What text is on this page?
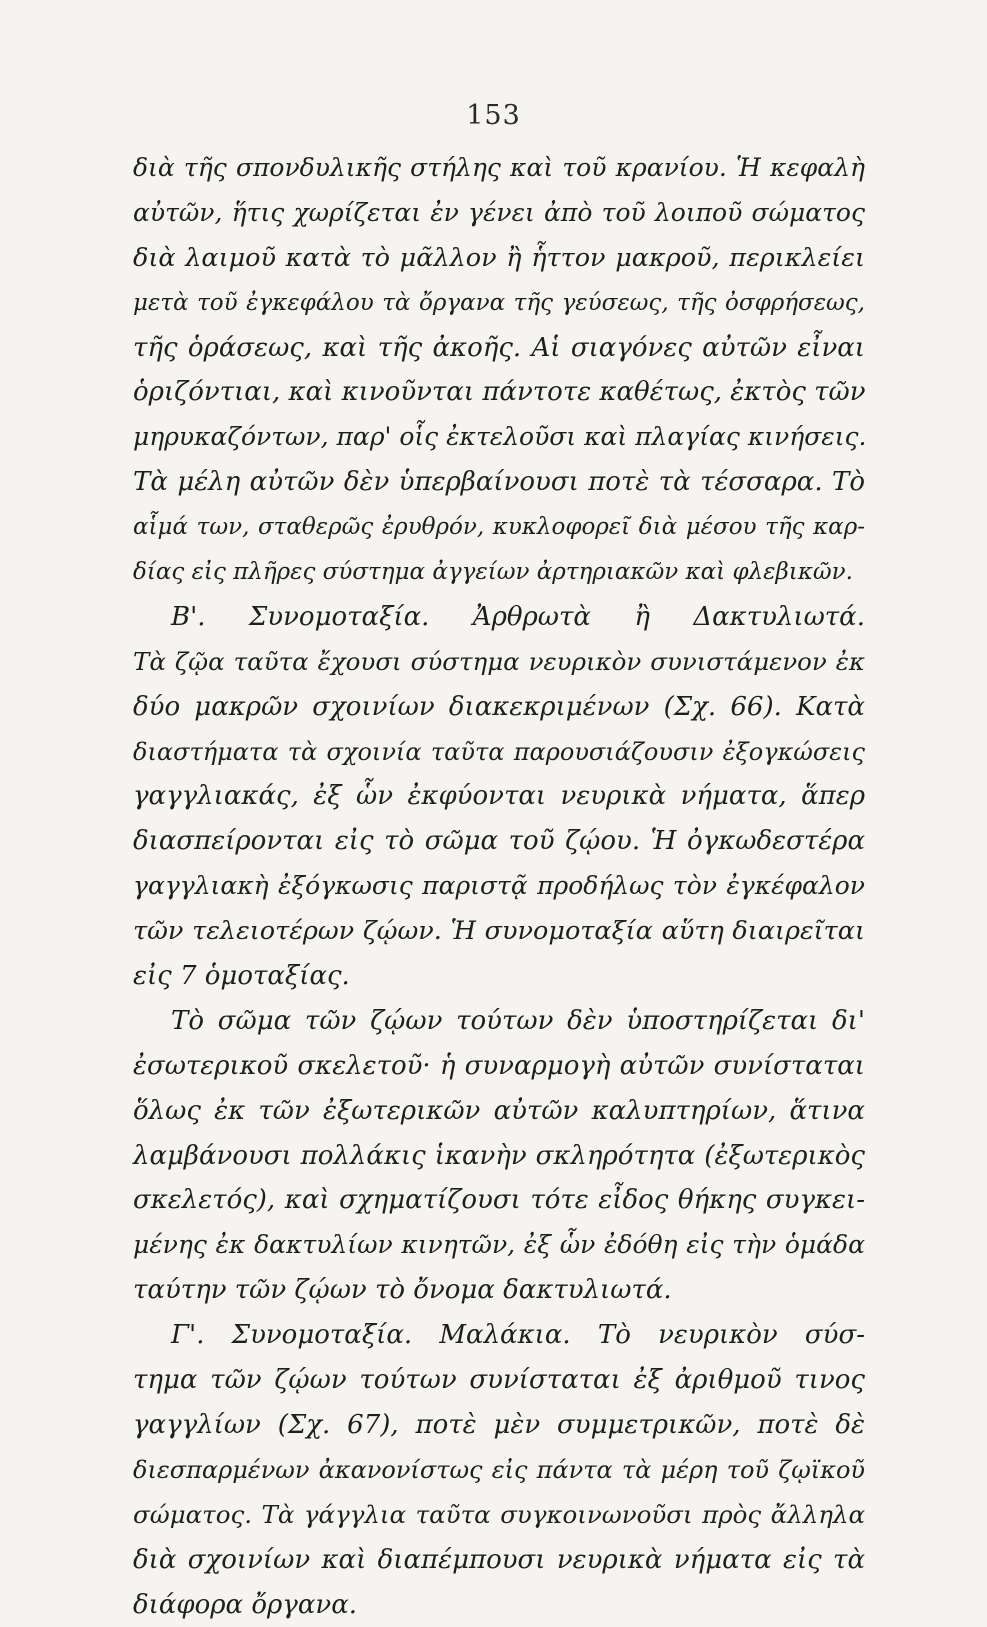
153
διὰ τῆς σπονδυλικῆς στήλης καὶ τοῦ κρανίου. Ἡ κεφαλὴ
αὐτῶν, ἥτις χωρίζεται ἐν γένει ἀπὸ τοῦ λοιποῦ σώματος
διὰ λαιμοῦ κατὰ τὸ μᾶλλον ἢ ἧττον μακροῦ, περικλείει
μετὰ τοῦ ἐγκεφάλου τὰ ὄργανα τῆς γεύσεως, τῆς ὀσφρήσεως,
τῆς ὁράσεως, καὶ τῆς ἀκοῆς. Αἱ σιαγόνες αὐτῶν εἶναι
ὁριζόντιαι, καὶ κινοῦνται πάντοτε καθέτως, ἐκτὸς τῶν
μηρυκαζόντων, παρ' οἷς ἐκτελοῦσι καὶ πλαγίας κινήσεις.
Τὰ μέλη αὐτῶν δὲν ὑπερβαίνουσι ποτὲ τὰ τέσσαρα. Τὸ
αἷμά των, σταθερῶς ἐρυθρόν, κυκλοφορεῖ διὰ μέσου τῆς καρ-
δίας εἰς πλῆρες σύστημα ἀγγείων ἀρτηριακῶν καὶ φλεβικῶν.
Β'. Συνομοταξία. Ἀρθρωτὰ ἢ Δακτυλιωτά.
Τὰ ζῷα ταῦτα ἔχουσι σύστημα νευρικὸν συνιστάμενον ἐκ
δύο μακρῶν σχοινίων διακεκριμένων (Σχ. 66). Κατὰ
διαστήματα τὰ σχοινία ταῦτα παρουσιάζουσιν ἐξογκώσεις
γαγγλιακάς, ἐξ ὧν ἐκφύονται νευρικὰ νήματα, ἅπερ
διασπείρονται εἰς τὸ σῶμα τοῦ ζῴου. Ἡ ὀγκωδεστέρα
γαγγλιακὴ ἐξόγκωσις παριστᾷ προδήλως τὸν ἐγκέφαλον
τῶν τελειοτέρων ζῴων. Ἡ συνομοταξία αὕτη διαιρεῖται
εἰς 7 ὁμοταξίας.
Τὸ σῶμα τῶν ζῴων τούτων δὲν ὑποστηρίζεται δι'
ἐσωτερικοῦ σκελετοῦ· ἡ συναρμογὴ αὐτῶν συνίσταται
ὅλως ἐκ τῶν ἐξωτερικῶν αὐτῶν καλυπτηρίων, ἅτινα
λαμβάνουσι πολλάκις ἱκανὴν σκληρότητα (ἐξωτερικὸς
σκελετός), καὶ σχηματίζουσι τότε εἶδος θήκης συγκει-
μένης ἐκ δακτυλίων κινητῶν, ἐξ ὧν ἐδόθη εἰς τὴν ὁμάδα
ταύτην τῶν ζῴων τὸ ὄνομα δακτυλιωτά.
Γ'. Συνομοταξία. Μαλάκια. Τὸ νευρικὸν σύσ-
τημα τῶν ζῴων τούτων συνίσταται ἐξ ἀριθμοῦ τινος
γαγγλίων (Σχ. 67), ποτὲ μὲν συμμετρικῶν, ποτὲ δὲ
διεσπαρμένων ἀκανονίστως εἰς πάντα τὰ μέρη τοῦ ζῳϊκοῦ
σώματος. Τὰ γάγγλια ταῦτα συγκοινωνοῦσι πρὸς ἄλληλα
διὰ σχοινίων καὶ διαπέμπουσι νευρικὰ νήματα εἰς τὰ
διάφορα ὄργανα.
